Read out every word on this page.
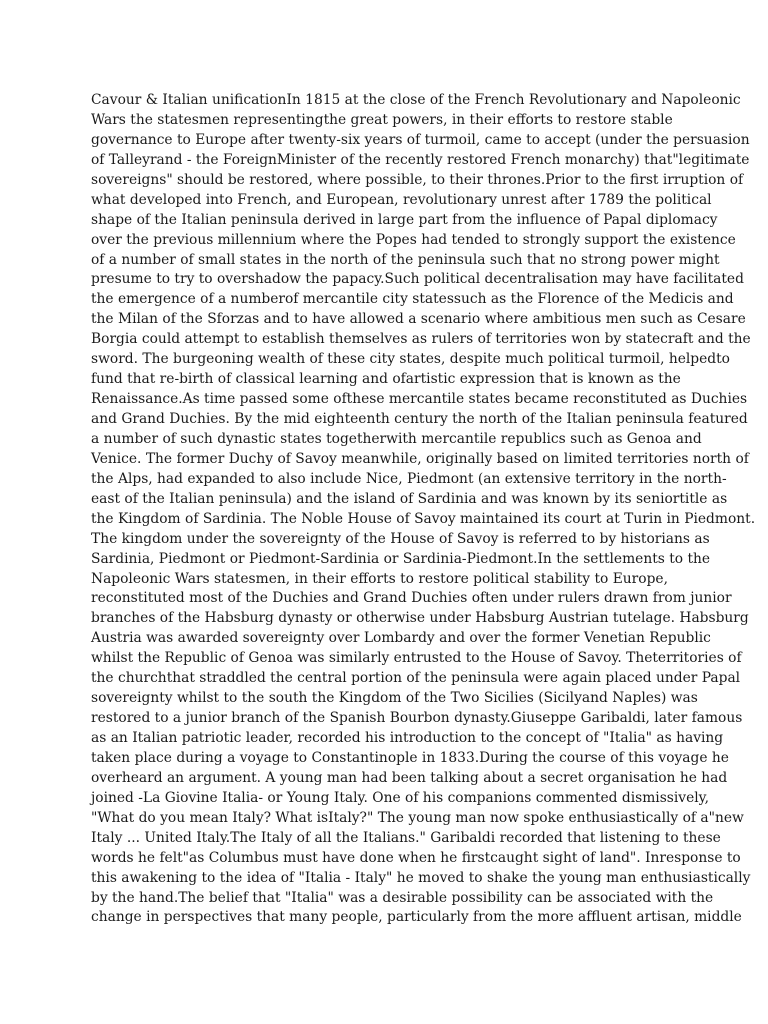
Cavour & Italian unificationIn 1815 at the close of the French Revolutionary and Napoleonic
Wars the statesmen representingthe great powers, in their efforts to restore stable
governance to Europe after twenty-six years of turmoil, came to accept (under the persuasion
of Talleyrand - the ForeignMinister of the recently restored French monarchy) that"legitimate
sovereigns" should be restored, where possible, to their thrones.Prior to the first irruption of
what developed into French, and European, revolutionary unrest after 1789 the political
shape of the Italian peninsula derived in large part from the influence of Papal diplomacy
over the previous millennium where the Popes had tended to strongly support the existence
of a number of small states in the north of the peninsula such that no strong power might
presume to try to overshadow the papacy.Such political decentralisation may have facilitated
the emergence of a numberof mercantile city statessuch as the Florence of the Medicis and
the Milan of the Sforzas and to have allowed a scenario where ambitious men such as Cesare
Borgia could attempt to establish themselves as rulers of territories won by statecraft and the
sword. The burgeoning wealth of these city states, despite much political turmoil, helpedto
fund that re-birth of classical learning and ofartistic expression that is known as the
Renaissance.As time passed some ofthese mercantile states became reconstituted as Duchies
and Grand Duchies. By the mid eighteenth century the north of the Italian peninsula featured
a number of such dynastic states togetherwith mercantile republics such as Genoa and
Venice. The former Duchy of Savoy meanwhile, originally based on limited territories north of
the Alps, had expanded to also include Nice, Piedmont (an extensive territory in the north-
east of the Italian peninsula) and the island of Sardinia and was known by its seniortitle as
the Kingdom of Sardinia. The Noble House of Savoy maintained its court at Turin in Piedmont.
The kingdom under the sovereignty of the House of Savoy is referred to by historians as
Sardinia, Piedmont or Piedmont-Sardinia or Sardinia-Piedmont.In the settlements to the
Napoleonic Wars statesmen, in their efforts to restore political stability to Europe,
reconstituted most of the Duchies and Grand Duchies often under rulers drawn from junior
branches of the Habsburg dynasty or otherwise under Habsburg Austrian tutelage. Habsburg
Austria was awarded sovereignty over Lombardy and over the former Venetian Republic
whilst the Republic of Genoa was similarly entrusted to the House of Savoy. Theterritories of
the churchthat straddled the central portion of the peninsula were again placed under Papal
sovereignty whilst to the south the Kingdom of the Two Sicilies (Sicilyand Naples) was
restored to a junior branch of the Spanish Bourbon dynasty.Giuseppe Garibaldi, later famous
as an Italian patriotic leader, recorded his introduction to the concept of "Italia" as having
taken place during a voyage to Constantinople in 1833.During the course of this voyage he
overheard an argument. A young man had been talking about a secret organisation he had
joined -La Giovine Italia- or Young Italy. One of his companions commented dismissively,
"What do you mean Italy? What isItaly?" The young man now spoke enthusiastically of a"new
Italy ... United Italy.The Italy of all the Italians." Garibaldi recorded that listening to these
words he felt"as Columbus must have done when he firstcaught sight of land". Inresponse to
this awakening to the idea of "Italia - Italy" he moved to shake the young man enthusiastically
by the hand.The belief that "Italia" was a desirable possibility can be associated with the
change in perspectives that many people, particularly from the more affluent artisan, middle
